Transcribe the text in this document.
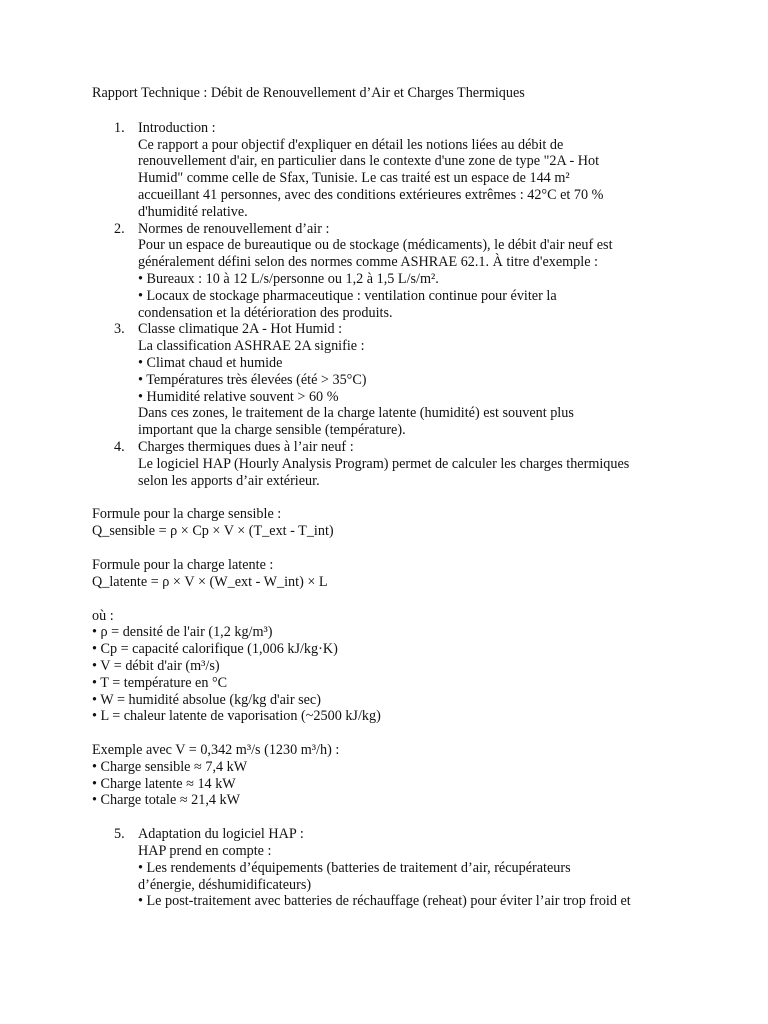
Rapport Technique : Débit de Renouvellement d’Air et Charges Thermiques
1. Introduction :
Ce rapport a pour objectif d'expliquer en détail les notions liées au débit de
renouvellement d'air, en particulier dans le contexte d'une zone de type "2A - Hot
Humid" comme celle de Sfax, Tunisie. Le cas traité est un espace de 144 m²
accueillant 41 personnes, avec des conditions extérieures extrêmes : 42°C et 70 %
d'humidité relative.
2. Normes de renouvellement d’air :
Pour un espace de bureautique ou de stockage (médicaments), le débit d'air neuf est
généralement défini selon des normes comme ASHRAE 62.1. À titre d'exemple :
• Bureaux : 10 à 12 L/s/personne ou 1,2 à 1,5 L/s/m².
• Locaux de stockage pharmaceutique : ventilation continue pour éviter la
condensation et la détérioration des produits.
3. Classe climatique 2A - Hot Humid :
La classification ASHRAE 2A signifie :
• Climat chaud et humide
• Températures très élevées (été > 35°C)
• Humidité relative souvent > 60 %
Dans ces zones, le traitement de la charge latente (humidité) est souvent plus
important que la charge sensible (température).
4. Charges thermiques dues à l’air neuf :
Le logiciel HAP (Hourly Analysis Program) permet de calculer les charges thermiques
selon les apports d’air extérieur.
Formule pour la charge sensible :
Q_sensible = ρ × Cp × V × (T_ext - T_int)
Formule pour la charge latente :
Q_latente = ρ × V × (W_ext - W_int) × L
où :
• ρ = densité de l'air (1,2 kg/m³)
• Cp = capacité calorifique (1,006 kJ/kg·K)
• V = débit d'air (m³/s)
• T = température en °C
• W = humidité absolue (kg/kg d'air sec)
• L = chaleur latente de vaporisation (~2500 kJ/kg)
Exemple avec V = 0,342 m³/s (1230 m³/h) :
• Charge sensible ≈ 7,4 kW
• Charge latente ≈ 14 kW
• Charge totale ≈ 21,4 kW
5. Adaptation du logiciel HAP :
HAP prend en compte :
• Les rendements d’équipements (batteries de traitement d’air, récupérateurs
d’énergie, déshumidificateurs)
• Le post-traitement avec batteries de réchauffage (reheat) pour éviter l’air trop froid et
